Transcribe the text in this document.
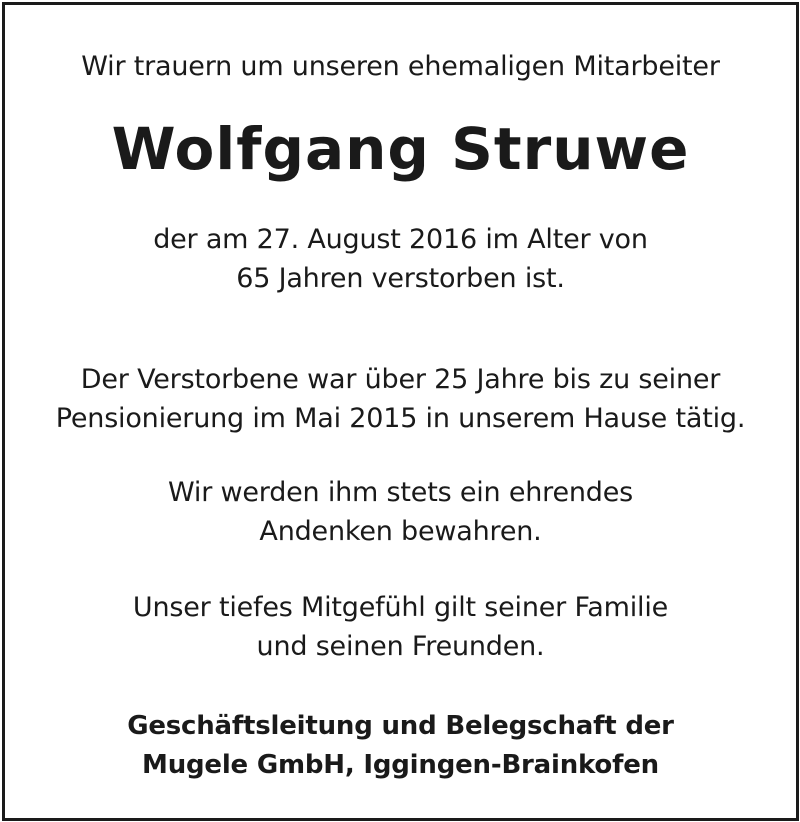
Wir trauern um unseren ehemaligen Mitarbeiter
Wolfgang Struwe
der am 27. August 2016 im Alter von
65 Jahren verstorben ist.
Der Verstorbene war über 25 Jahre bis zu seiner
Pensionierung im Mai 2015 in unserem Hause tätig.
Wir werden ihm stets ein ehrendes
Andenken bewahren.
Unser tiefes Mitgefühl gilt seiner Familie
und seinen Freunden.
Geschäftsleitung und Belegschaft der
Mugele GmbH, Iggingen-Brainkofen
